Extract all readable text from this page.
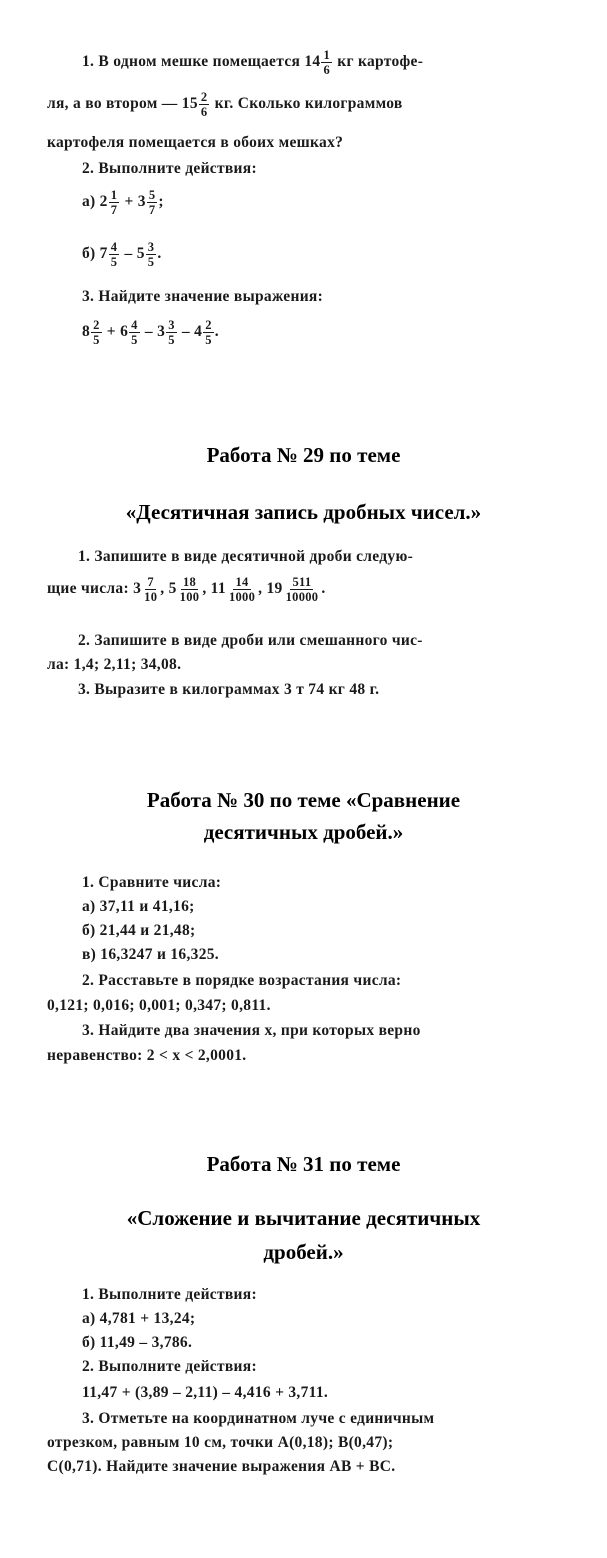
1. В одном мешке помещается $14 \frac{1}{6}$ кг картофе-
ля, а во втором — $15 \frac{2}{6}$ кг. Сколько килограммов
картофеля помещается в обоих мешках?
2. Выполните действия:
а) $2 \frac{1}{7} + 3 \frac{5}{7}$ ;
б) $7 \frac{4}{5} - 5 \frac{3}{5}$ .
3. Найдите значение выражения:
$8 \frac{2}{5} + 6 \frac{4}{5} - 3 \frac{3}{5} - 4 \frac{2}{5}$ .
Работа № 29 по теме
«Десятичная запись дробных чисел.»
1. Запишите в виде десятичной дроби следую-
щие числа: $3 \frac{7}{10}$ , $5 \frac{18}{100}$ , $11 \frac{14}{1000}$ , $19 \frac{511}{10000}$ .
2. Запишите в виде дроби или смешанного чис-
ла: 1,4; 2,11; 34,08.
3. Выразите в килограммах 3 т 74 кг 48 г.
Работа № 30 по теме «Сравнение
десятичных дробей.»
1. Сравните числа:
а) 37,11 и 41,16;
б) 21,44 и 21,48;
в) 16,3247 и 16,325.
2. Расставьте в порядке возрастания числа:
0,121; 0,016; 0,001; 0,347; 0,811.
3. Найдите два значения x, при которых верно
неравенство: 2 < x < 2,0001.
Работа № 31 по теме
«Сложение и вычитание десятичных
дробей.»
1. Выполните действия:
а) 4,781 + 13,24;
б) 11,49 – 3,786.
2. Выполните действия:
11,47 + (3,89 – 2,11) – 4,416 + 3,711.
3. Отметьте на координатном луче с единичным
отрезком, равным 10 см, точки A(0,18); B(0,47);
C(0,71). Найдите значение выражения AB + BC.
